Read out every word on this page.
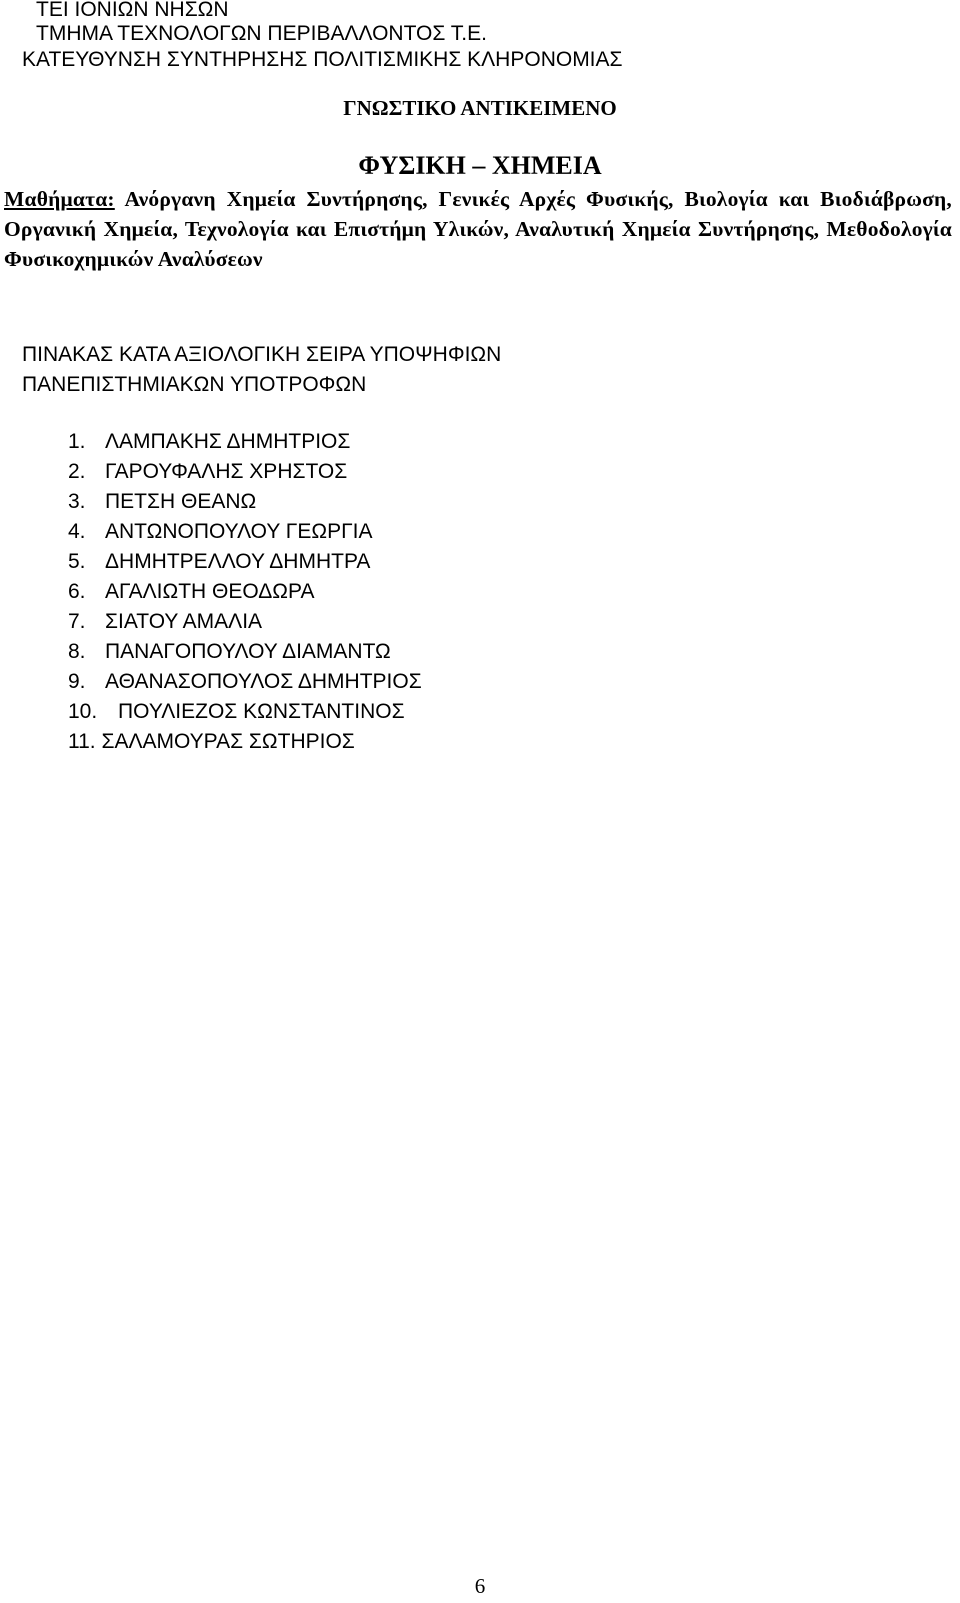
ΤΕΙ ΙΟΝΙΩΝ ΝΗΣΩΝ
ΤΜΗΜΑ ΤΕΧΝΟΛΟΓΩΝ ΠΕΡΙΒΑΛΛΟΝΤΟΣ Τ.Ε.
ΚΑΤΕΥΘΥΝΣΗ ΣΥΝΤΗΡΗΣΗΣ ΠΟΛΙΤΙΣΜΙΚΗΣ ΚΛΗΡΟΝΟΜΙΑΣ
ΓΝΩΣΤΙΚΟ ΑΝΤΙΚΕΙΜΕΝΟ
ΦΥΣΙΚΗ – ΧΗΜΕΙΑ
Μαθήματα: Ανόργανη Χημεία Συντήρησης, Γενικές Αρχές Φυσικής, Βιολογία και Βιοδιάβρωση, Οργανική Χημεία, Τεχνολογία και Επιστήμη Υλικών, Αναλυτική Χημεία Συντήρησης, Μεθοδολογία Φυσικοχημικών Αναλύσεων
ΠΙΝΑΚΑΣ ΚΑΤΑ ΑΞΙΟΛΟΓΙΚΗ ΣΕΙΡΑ ΥΠΟΨΗΦΙΩΝ
ΠΑΝΕΠΙΣΤΗΜΙΑΚΩΝ ΥΠΟΤΡΟΦΩΝ
1. ΛΑΜΠΑΚΗΣ ΔΗΜΗΤΡΙΟΣ
2. ΓΑΡΟΥΦΑΛΗΣ ΧΡΗΣΤΟΣ
3. ΠΕΤΣΗ ΘΕΑΝΩ
4. ΑΝΤΩΝΟΠΟΥΛΟΥ ΓΕΩΡΓΙΑ
5. ΔΗΜΗΤΡΕΛΛΟΥ ΔΗΜΗΤΡΑ
6. ΑΓΑΛΙΩΤΗ ΘΕΟΔΩΡΑ
7. ΣΙΑΤΟΥ ΑΜΑΛΙΑ
8. ΠΑΝΑΓΟΠΟΥΛΟΥ ΔΙΑΜΑΝΤΩ
9. ΑΘΑΝΑΣΟΠΟΥΛΟΣ ΔΗΜΗΤΡΙΟΣ
10. ΠΟΥΛΙΕΖΟΣ ΚΩΝΣΤΑΝΤΙΝΟΣ
11. ΣΑΛΑΜΟΥΡΑΣ ΣΩΤΗΡΙΟΣ
6
